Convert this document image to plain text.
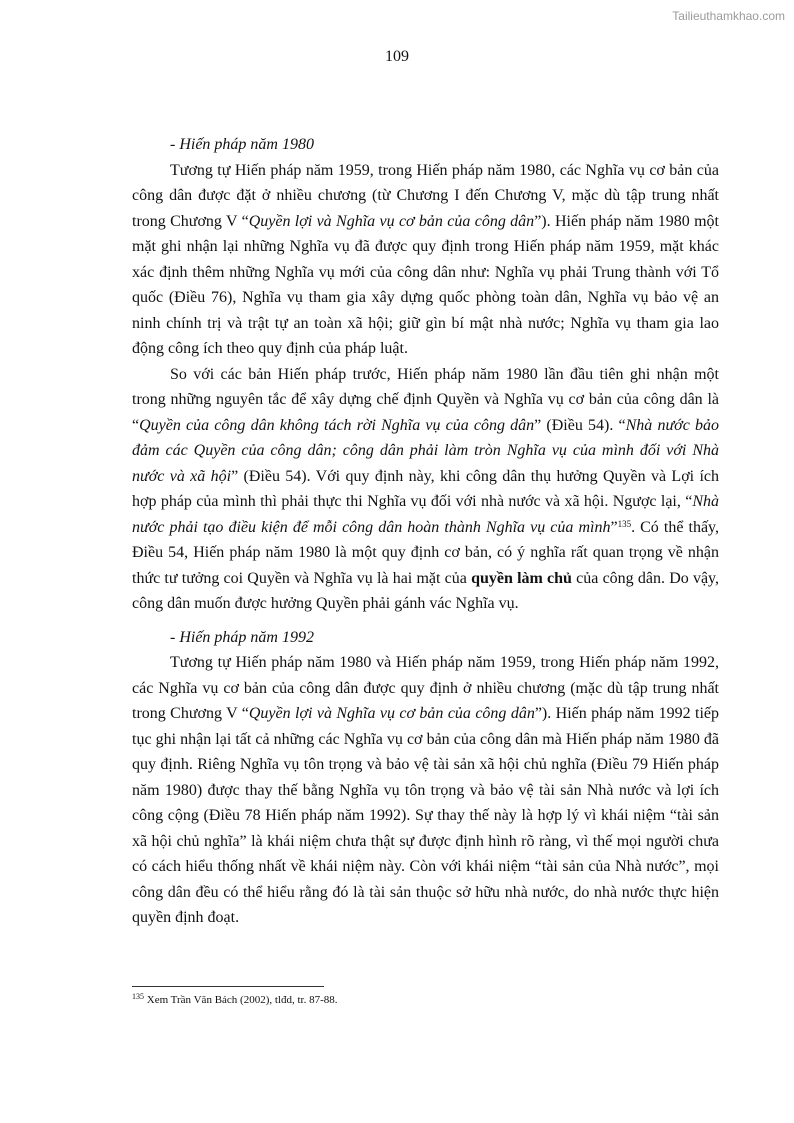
Tailieuthamkhao.com
109

- Hiến pháp năm 1980

Tương tự Hiến pháp năm 1959, trong Hiến pháp năm 1980, các Nghĩa vụ cơ bản của công dân được đặt ở nhiều chương (từ Chương I đến Chương V, mặc dù tập trung nhất trong Chương V “Quyền lợi và Nghĩa vụ cơ bản của công dân”). Hiến pháp năm 1980 một mặt ghi nhận lại những Nghĩa vụ đã được quy định trong Hiến pháp năm 1959, mặt khác xác định thêm những Nghĩa vụ mới của công dân như: Nghĩa vụ phải Trung thành với Tổ quốc (Điều 76), Nghĩa vụ tham gia xây dựng quốc phòng toàn dân, Nghĩa vụ bảo vệ an ninh chính trị và trật tự an toàn xã hội; giữ gìn bí mật nhà nước; Nghĩa vụ tham gia lao động công ích theo quy định của pháp luật.

So với các bản Hiến pháp trước, Hiến pháp năm 1980 lần đầu tiên ghi nhận một trong những nguyên tắc để xây dựng chế định Quyền và Nghĩa vụ cơ bản của công dân là “Quyền của công dân không tách rời Nghĩa vụ của công dân” (Điều 54). “Nhà nước bảo đảm các Quyền của công dân; công dân phải làm tròn Nghĩa vụ của mình đối với Nhà nước và xã hội” (Điều 54). Với quy định này, khi công dân thụ hưởng Quyền và Lợi ích hợp pháp của mình thì phải thực thi Nghĩa vụ đối với nhà nước và xã hội. Ngược lại, “Nhà nước phải tạo điều kiện để mỗi công dân hoàn thành Nghĩa vụ của mình”$^{135}$. Có thể thấy, Điều 54, Hiến pháp năm 1980 là một quy định cơ bản, có ý nghĩa rất quan trọng về nhận thức tư tưởng coi Quyền và Nghĩa vụ là hai mặt của quyền làm chủ của công dân. Do vậy, công dân muốn được hưởng Quyền phải gánh vác Nghĩa vụ.

- Hiến pháp năm 1992

Tương tự Hiến pháp năm 1980 và Hiến pháp năm 1959, trong Hiến pháp năm 1992, các Nghĩa vụ cơ bản của công dân được quy định ở nhiều chương (mặc dù tập trung nhất trong Chương V “Quyền lợi và Nghĩa vụ cơ bản của công dân”). Hiến pháp năm 1992 tiếp tục ghi nhận lại tất cả những các Nghĩa vụ cơ bản của công dân mà Hiến pháp năm 1980 đã quy định. Riêng Nghĩa vụ tôn trọng và bảo vệ tài sản xã hội chủ nghĩa (Điều 79 Hiến pháp năm 1980) được thay thế bằng Nghĩa vụ tôn trọng và bảo vệ tài sản Nhà nước và lợi ích công cộng (Điều 78 Hiến pháp năm 1992). Sự thay thế này là hợp lý vì khái niệm “tài sản xã hội chủ nghĩa” là khái niệm chưa thật sự được định hình rõ ràng, vì thế mọi người chưa có cách hiểu thống nhất về khái niệm này. Còn với khái niệm “tài sản của Nhà nước”, mọi công dân đều có thể hiểu rằng đó là tài sản thuộc sở hữu nhà nước, do nhà nước thực hiện quyền định đoạt.

$^{135}$ Xem Trần Văn Bách (2002), tlđd, tr. 87-88.
